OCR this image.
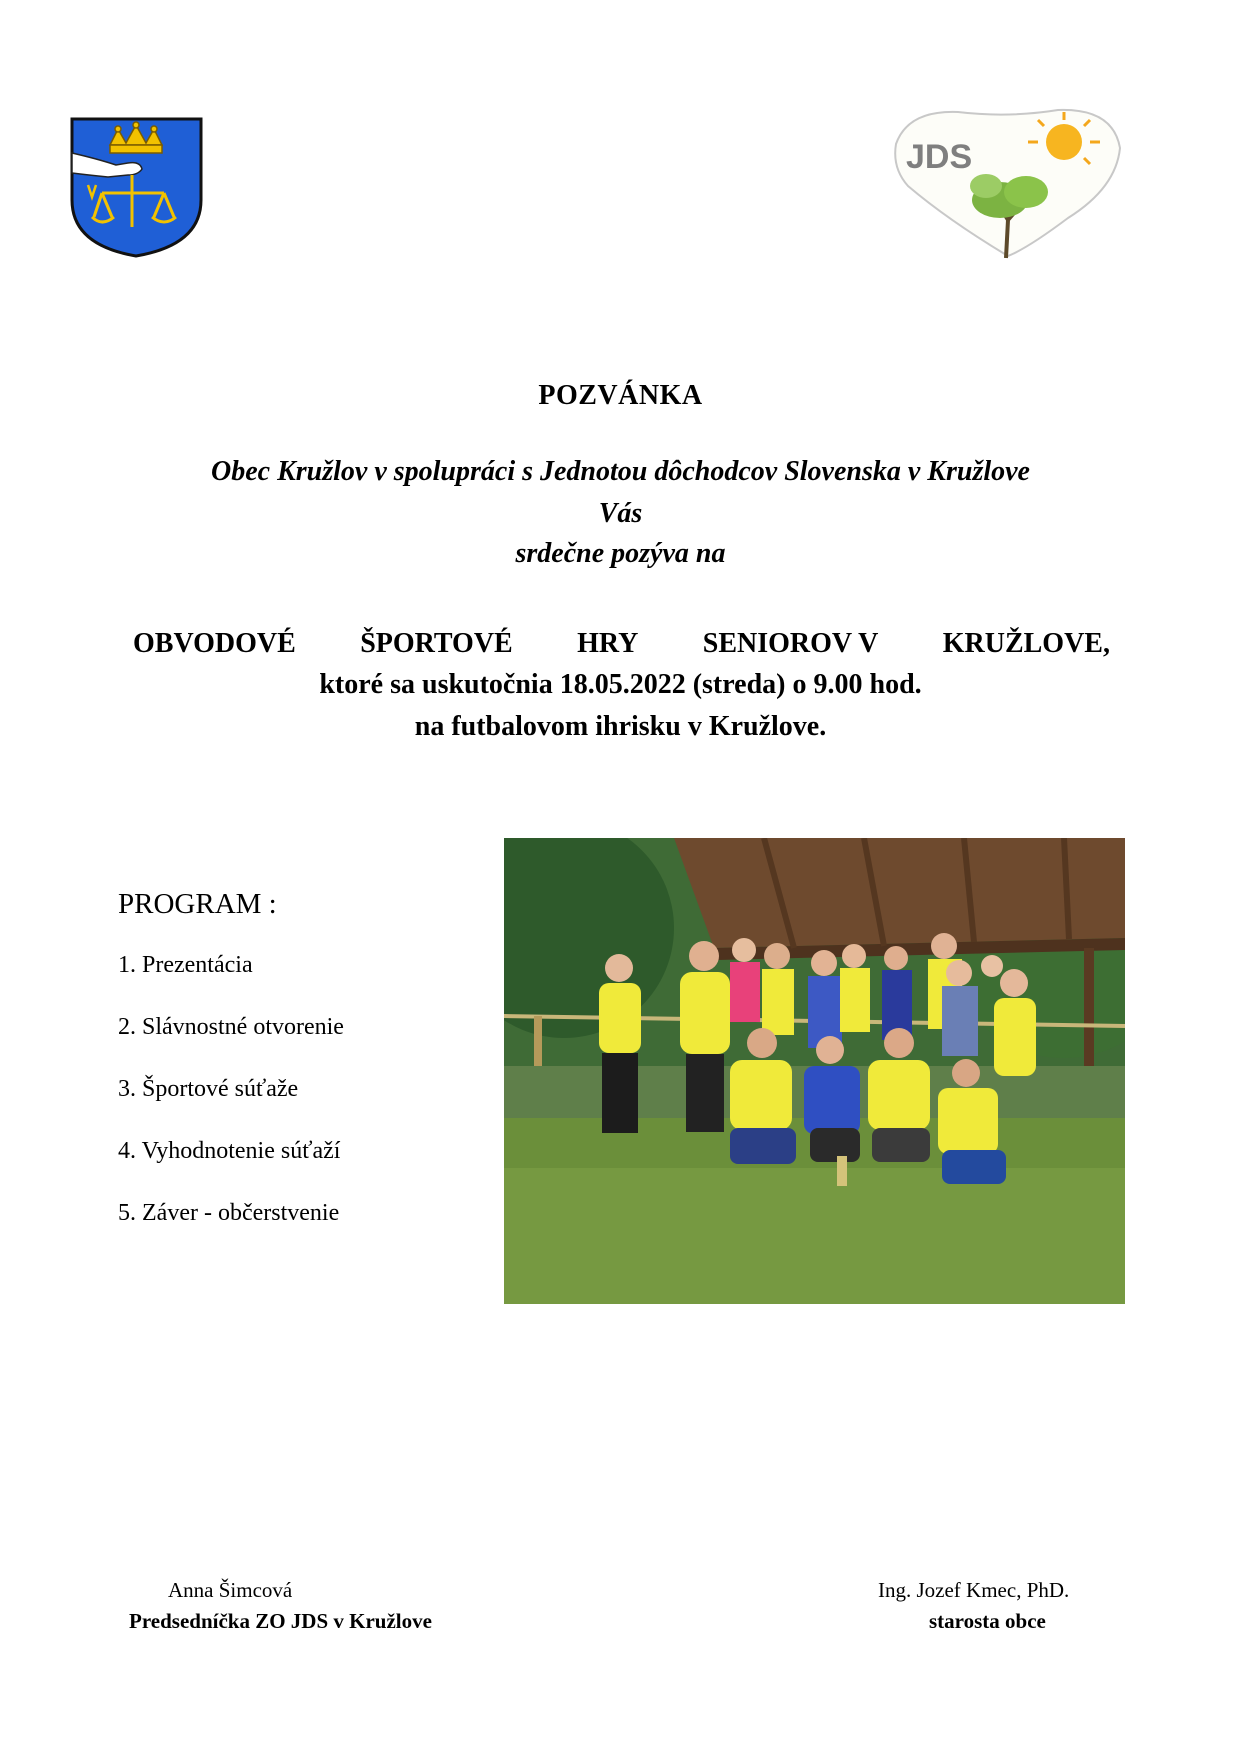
JDS
POZVÁNKA
Obec Kružlov v spolupráci s Jednotou dôchodcov Slovenska v Kružlove
Vás
srdečne pozýva na
OBVODOVÉ ŠPORTOVÉ HRY SENIOROV V KRUŽLOVE,
ktoré sa uskutočnia 18.05.2022 (streda) o 9.00 hod.
na futbalovom ihrisku v Kružlove.
PROGRAM :
1. Prezentácia
2. Slávnostné otvorenie
3. Športové súťaže
4. Vyhodnotenie súťaží
5. Záver - občerstvenie
Anna Šimcová
Predsedníčka ZO JDS v Kružlove
Ing. Jozef Kmec, PhD.
starosta obce
